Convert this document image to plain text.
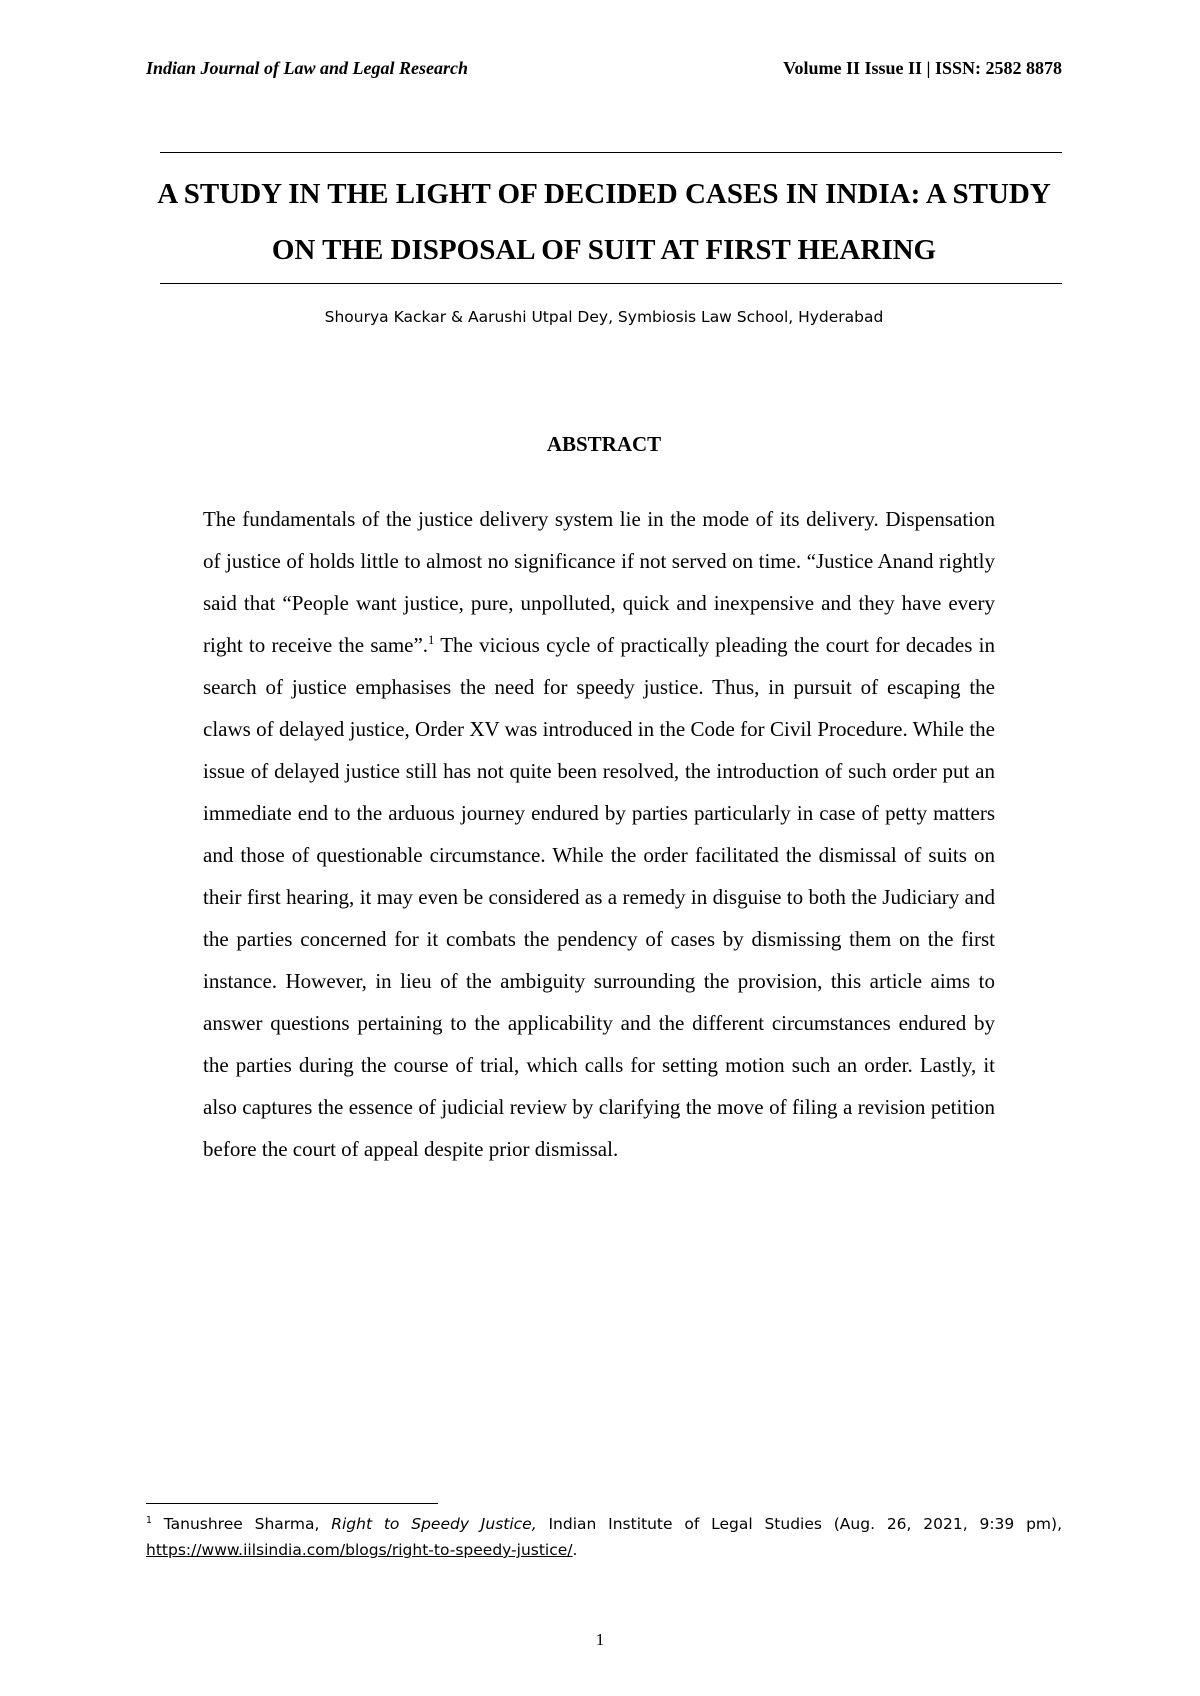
Indian Journal of Law and Legal Research	Volume II Issue II | ISSN: 2582 8878
A STUDY IN THE LIGHT OF DECIDED CASES IN INDIA: A STUDY ON THE DISPOSAL OF SUIT AT FIRST HEARING
Shourya Kackar & Aarushi Utpal Dey, Symbiosis Law School, Hyderabad
ABSTRACT

The fundamentals of the justice delivery system lie in the mode of its delivery. Dispensation of justice of holds little to almost no significance if not served on time. “Justice Anand rightly said that “People want justice, pure, unpolluted, quick and inexpensive and they have every right to receive the same”.$^1$ The vicious cycle of practically pleading the court for decades in search of justice emphasises the need for speedy justice. Thus, in pursuit of escaping the claws of delayed justice, Order XV was introduced in the Code for Civil Procedure. While the issue of delayed justice still has not quite been resolved, the introduction of such order put an immediate end to the arduous journey endured by parties particularly in case of petty matters and those of questionable circumstance. While the order facilitated the dismissal of suits on their first hearing, it may even be considered as a remedy in disguise to both the Judiciary and the parties concerned for it combats the pendency of cases by dismissing them on the first instance. However, in lieu of the ambiguity surrounding the provision, this article aims to answer questions pertaining to the applicability and the different circumstances endured by the parties during the course of trial, which calls for setting motion such an order. Lastly, it also captures the essence of judicial review by clarifying the move of filing a revision petition before the court of appeal despite prior dismissal.

$^1$ Tanushree Sharma, Right to Speedy Justice, Indian Institute of Legal Studies (Aug. 26, 2021, 9:39 pm), https://www.iilsindia.com/blogs/right-to-speedy-justice/.

1
